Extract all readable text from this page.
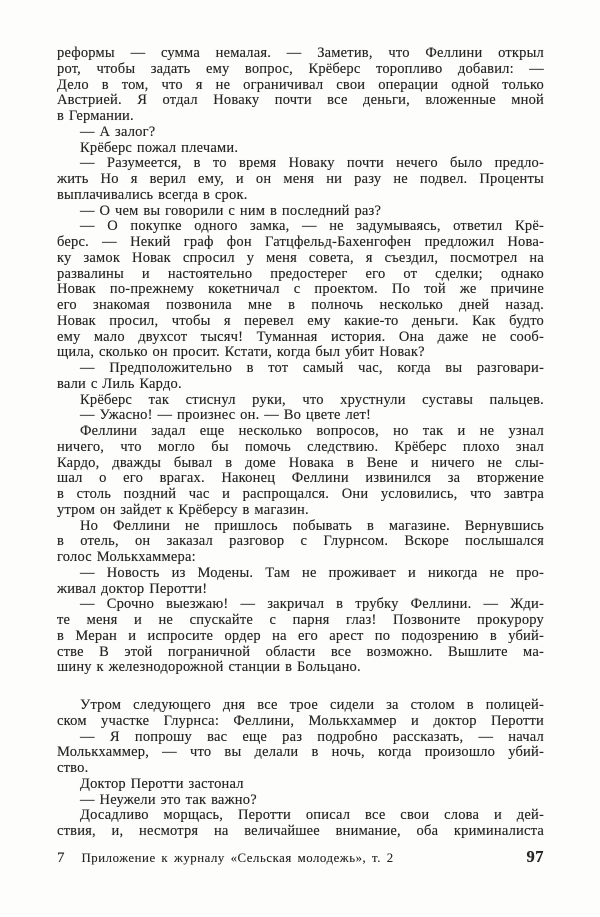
реформы — сумма немалая. — Заметив, что Феллини открыл
рот, чтобы задать ему вопрос, Крёберс торопливо добавил: —
Дело в том, что я не ограничивал свои операции одной только
Австрией. Я отдал Новаку почти все деньги, вложенные мной
в Германии.
— А залог?
Крёберс пожал плечами.
— Разумеется, в то время Новаку почти нечего было предло-
жить Но я верил ему, и он меня ни разу не подвел. Проценты
выплачивались всегда в срок.
— О чем вы говорили с ним в последний раз?
— О покупке одного замка, — не задумываясь, ответил Крё-
берс. — Некий граф фон Гатцфельд-Бахенгофен предложил Нова-
ку замок Новак спросил у меня совета, я съездил, посмотрел на
развалины и настоятельно предостерег его от сделки; однако
Новак по-прежнему кокетничал с проектом. По той же причине
его знакомая позвонила мне в полночь несколько дней назад.
Новак просил, чтобы я перевел ему какие-то деньги. Как будто
ему мало двухсот тысяч! Туманная история. Она даже не сооб-
щила, сколько он просит. Кстати, когда был убит Новак?
— Предположительно в тот самый час, когда вы разговари-
вали с Лиль Кардо.
Крёберс так стиснул руки, что хрустнули суставы пальцев.
— Ужасно! — произнес он. — Во цвете лет!
Феллини задал еще несколько вопросов, но так и не узнал
ничего, что могло бы помочь следствию. Крёберс плохо знал
Кардо, дважды бывал в доме Новака в Вене и ничего не слы-
шал о его врагах. Наконец Феллини извинился за вторжение
в столь поздний час и распрощался. Они условились, что завтра
утром он зайдет к Крёберсу в магазин.
Но Феллини не пришлось побывать в магазине. Вернувшись
в отель, он заказал разговор с Глурнсом. Вскоре послышался
голос Молькхаммера:
— Новость из Модены. Там не проживает и никогда не про-
живал доктор Перотти!
— Срочно выезжаю! — закричал в трубку Феллини. — Жди-
те меня и не спускайте с парня глаз! Позвоните прокурору
в Меран и испросите ордер на его арест по подозрению в убий-
стве В этой пограничной области все возможно. Вышлите ма-
шину к железнодорожной станции в Больцано.
Утром следующего дня все трое сидели за столом в полицей-
ском участке Глурнса: Феллини, Молькхаммер и доктор Перотти
— Я попрошу вас еще раз подробно рассказать, — начал
Молькхаммер, — что вы делали в ночь, когда произошло убий-
ство.
Доктор Перотти застонал
— Неужели это так важно?
Досадливо морщась, Перотти описал все свои слова и дей-
ствия, и, несмотря на величайшее внимание, оба криминалиста
7 Приложение к журналу «Сельская молодежь», т. 2	97
